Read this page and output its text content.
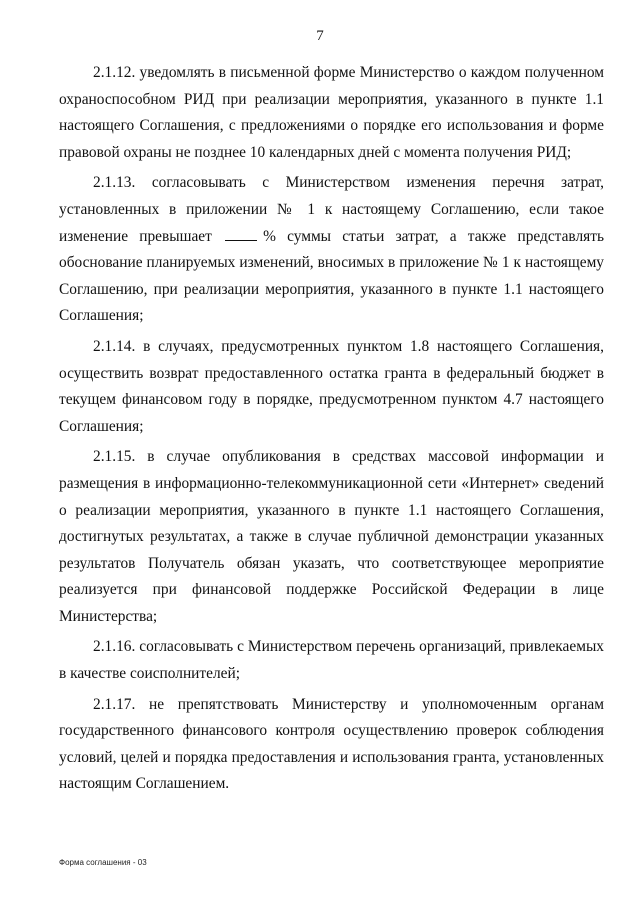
7

2.1.12. уведомлять в письменной форме Министерство о каждом полученном охраноспособном РИД при реализации мероприятия, указанного в пункте 1.1 настоящего Соглашения, с предложениями о порядке его использования и форме правовой охраны не позднее 10 календарных дней с момента получения РИД;

2.1.13. согласовывать с Министерством изменения перечня затрат, установленных в приложении № 1 к настоящему Соглашению, если такое изменение превышает	% суммы статьи затрат, а также представлять обоснование планируемых изменений, вносимых в приложение № 1 к настоящему Соглашению, при реализации мероприятия, указанного в пункте 1.1 настоящего Соглашения;

2.1.14. в случаях, предусмотренных пунктом 1.8 настоящего Соглашения, осуществить возврат предоставленного остатка гранта в федеральный бюджет в текущем финансовом году в порядке, предусмотренном пунктом 4.7 настоящего Соглашения;

2.1.15. в случае опубликования в средствах массовой информации и размещения в информационно-телекоммуникационной сети «Интернет» сведений о реализации мероприятия, указанного в пункте 1.1 настоящего Соглашения, достигнутых результатах, а также в случае публичной демонстрации указанных результатов Получатель обязан указать, что соответствующее мероприятие реализуется при финансовой поддержке Российской Федерации в лице Министерства;

2.1.16. согласовывать с Министерством перечень организаций, привлекаемых в качестве соисполнителей;

2.1.17. не препятствовать Министерству и уполномоченным органам государственного финансового контроля осуществлению проверок соблюдения условий, целей и порядка предоставления и использования гранта, установленных настоящим Соглашением.

Форма соглашения - 03
